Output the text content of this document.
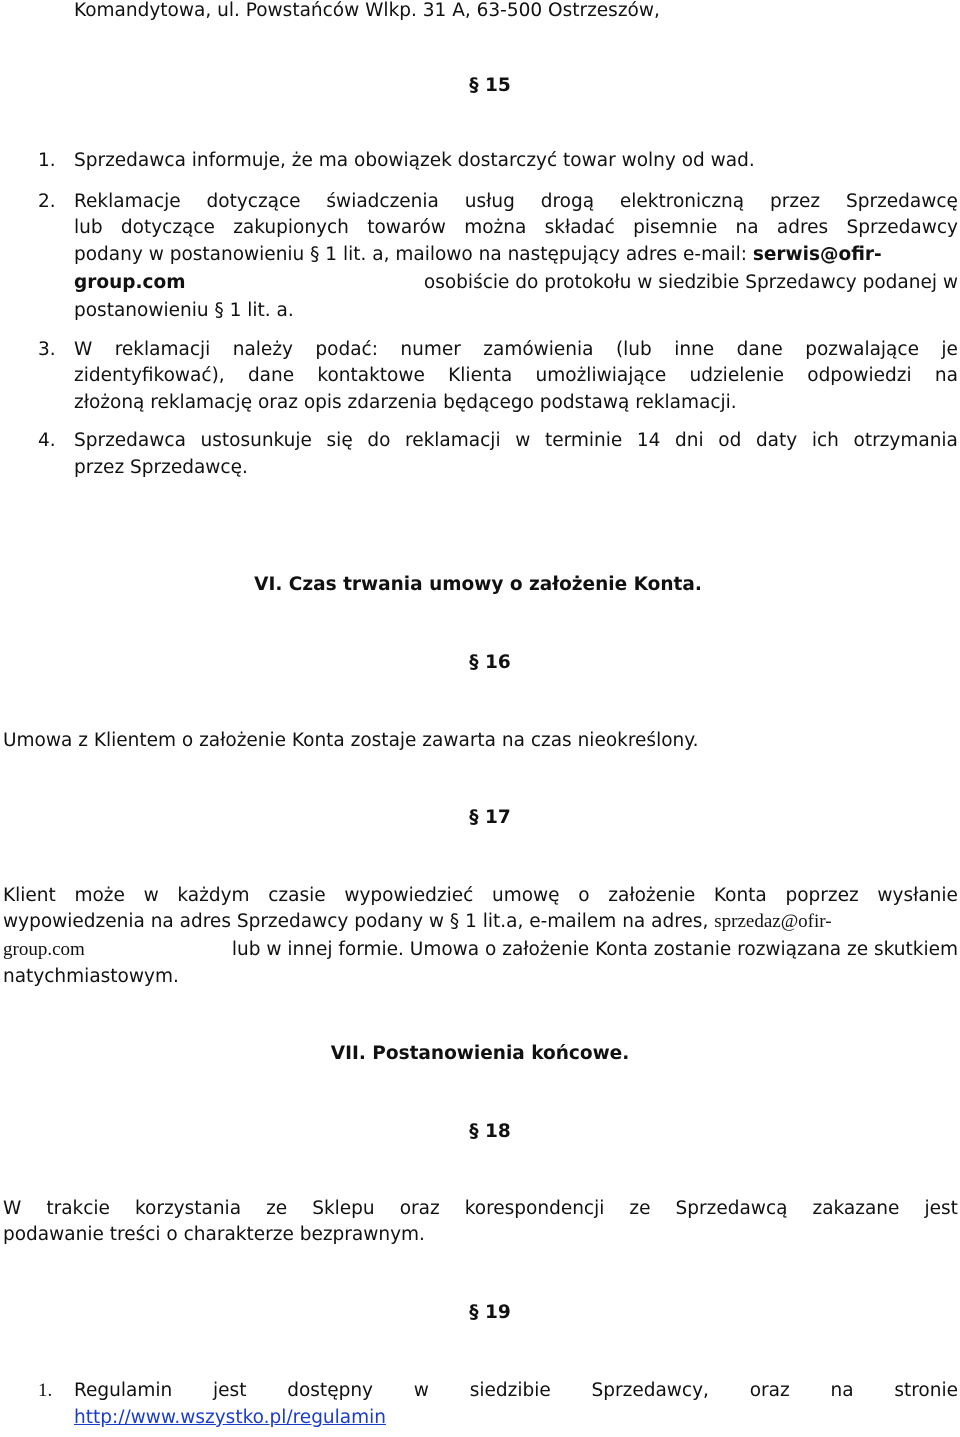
Komandytowa, ul. Powstańców Wlkp. 31 A, 63-500 Ostrzeszów,
§ 15
1. Sprzedawca informuje, że ma obowiązek dostarczyć towar wolny od wad.
2. Reklamacje dotyczące świadczenia usług drogą elektroniczną przez Sprzedawcę
lub dotyczące zakupionych towarów można składać pisemnie na adres Sprzedawcy
podany w postanowieniu § 1 lit. a, mailowo na następujący adres e-mail: serwis@ofir-
group.com	osobiście do protokołu w siedzibie Sprzedawcy podanej w
postanowieniu § 1 lit. a.
3. W reklamacji należy podać: numer zamówienia (lub inne dane pozwalające je
zidentyfikować), dane kontaktowe Klienta umożliwiające udzielenie odpowiedzi na
złożoną reklamację oraz opis zdarzenia będącego podstawą reklamacji.
4. Sprzedawca ustosunkuje się do reklamacji w terminie 14 dni od daty ich otrzymania
przez Sprzedawcę.
VI. Czas trwania umowy o założenie Konta.
§ 16
Umowa z Klientem o założenie Konta zostaje zawarta na czas nieokreślony.
§ 17
Klient może w każdym czasie wypowiedzieć umowę o założenie Konta poprzez wysłanie
wypowiedzenia na adres Sprzedawcy podany w § 1 lit.a, e-mailem na adres, sprzedaz@ofir-
group.com	lub w innej formie. Umowa o założenie Konta zostanie rozwiązana ze skutkiem
natychmiastowym.
VII. Postanowienia końcowe.
§ 18
W trakcie korzystania ze Sklepu oraz korespondencji ze Sprzedawcą zakazane jest
podawanie treści o charakterze bezprawnym.
§ 19
1. Regulamin jest dostępny w siedzibie Sprzedawcy, oraz na stronie
http://www.wszystko.pl/regulamin
